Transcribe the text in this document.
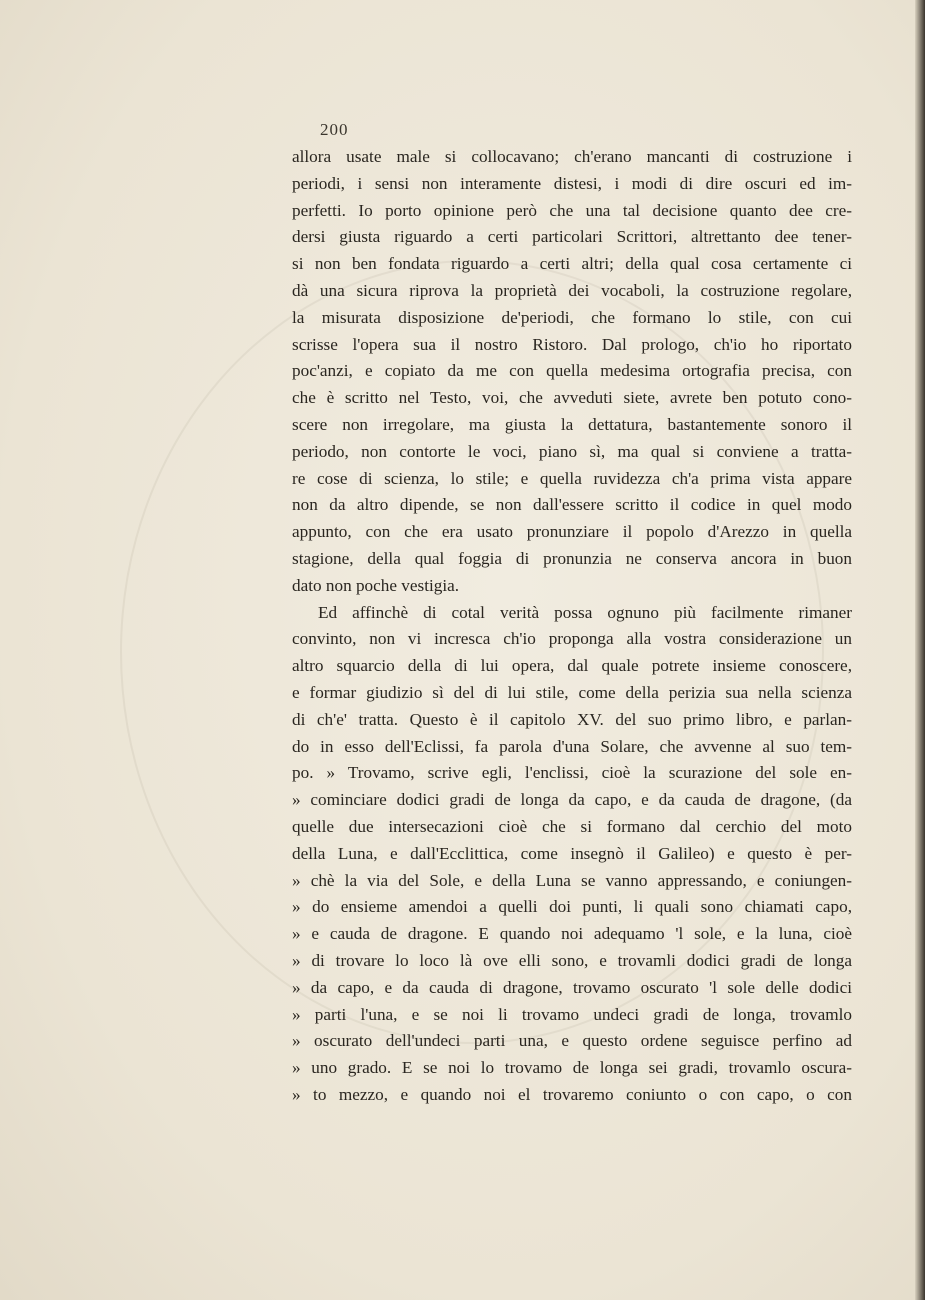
200
allora usate male si collocavano; ch'erano mancanti di costruzione i
periodi, i sensi non interamente distesi, i modi di dire oscuri ed im-
perfetti. Io porto opinione però che una tal decisione quanto dee cre-
dersi giusta riguardo a certi particolari Scrittori, altrettanto dee tener-
si non ben fondata riguardo a certi altri; della qual cosa certamente ci
dà una sicura riprova la proprietà dei vocaboli, la costruzione regolare,
la misurata disposizione de'periodi, che formano lo stile, con cui
scrisse l'opera sua il nostro Ristoro. Dal prologo, ch'io ho riportato
poc'anzi, e copiato da me con quella medesima ortografia precisa, con
che è scritto nel Testo, voi, che avveduti siete, avrete ben potuto cono-
scere non irregolare, ma giusta la dettatura, bastantemente sonoro il
periodo, non contorte le voci, piano sì, ma qual si conviene a tratta-
re cose di scienza, lo stile; e quella ruvidezza ch'a prima vista appare
non da altro dipende, se non dall'essere scritto il codice in quel modo
appunto, con che era usato pronunziare il popolo d'Arezzo in quella
stagione, della qual foggia di pronunzia ne conserva ancora in buon
dato non poche vestigia.
Ed affinchè di cotal verità possa ognuno più facilmente rimaner
convinto, non vi incresca ch'io proponga alla vostra considerazione un
altro squarcio della di lui opera, dal quale potrete insieme conoscere,
e formar giudizio sì del di lui stile, come della perizia sua nella scienza
di ch'e' tratta. Questo è il capitolo XV. del suo primo libro, e parlan-
do in esso dell'Eclissi, fa parola d'una Solare, che avvenne al suo tem-
po. » Trovamo, scrive egli, l'enclissi, cioè la scurazione del sole en-
» cominciare dodici gradi de longa da capo, e da cauda de dragone, (da
quelle due intersecazioni cioè che si formano dal cerchio del moto
della Luna, e dall'Ecclittica, come insegnò il Galileo) e questo è per-
» chè la via del Sole, e della Luna se vanno appressando, e coniungen-
» do ensieme amendoi a quelli doi punti, li quali sono chiamati capo,
» e cauda de dragone. E quando noi adequamo 'l sole, e la luna, cioè
» di trovare lo loco là ove elli sono, e trovamli dodici gradi de longa
» da capo, e da cauda di dragone, trovamo oscurato 'l sole delle dodici
» parti l'una, e se noi li trovamo undeci gradi de longa, trovamlo
» oscurato dell'undeci parti una, e questo ordene seguisce perfino ad
» uno grado. E se noi lo trovamo de longa sei gradi, trovamlo oscura-
» to mezzo, e quando noi el trovaremo coniunto o con capo, o con
